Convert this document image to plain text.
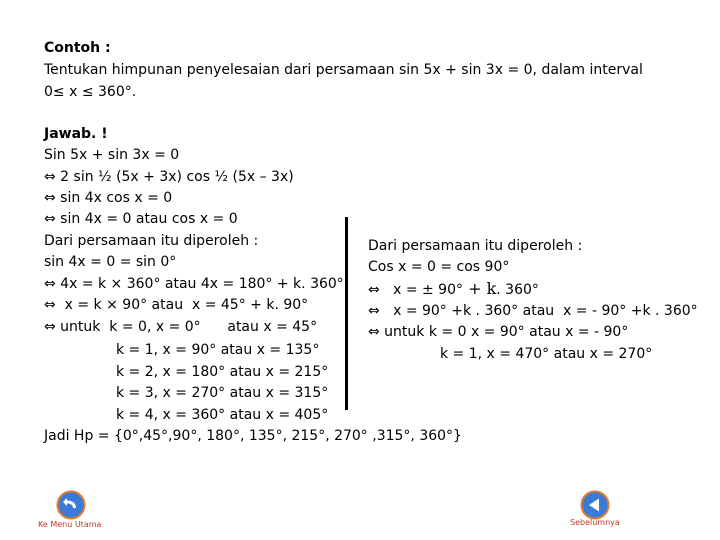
Contoh :
Tentukan himpunan penyelesaian dari persamaan sin 5x + sin 3x = 0, dalam interval
0≤ x ≤ 360°.
Jawab. !
Sin 5x + sin 3x = 0
⇔ 2 sin ½ (5x + 3x) cos ½ (5x – 3x)
⇔ sin 4x cos x = 0
⇔ sin 4x = 0 atau cos x = 0
Dari persamaan itu diperoleh :
sin 4x = 0 = sin 0°
⇔ 4x = k × 360° atau 4x = 180° + k. 360°
⇔  x = k × 90° atau  x = 45° + k. 90°
⇔ untuk  k = 0, x = 0°      atau x = 45°
k = 1, x = 90° atau x = 135°
k = 2, x = 180° atau x = 215°
k = 3, x = 270° atau x = 315°
k = 4, x = 360° atau x = 405°
Jadi Hp = {0°,45°,90°, 180°, 135°, 215°, 270° ,315°, 360°}
Dari persamaan itu diperoleh :
Cos x = 0 = cos 90°
⇔   x = ± 90° + k. 360°
⇔   x = 90° +k . 360° atau  x = - 90° +k . 360°
⇔ untuk k = 0 x = 90° atau x = - 90°
k = 1, x = 470° atau x = 270°
Ke Menu Utama	Sebelumnya
